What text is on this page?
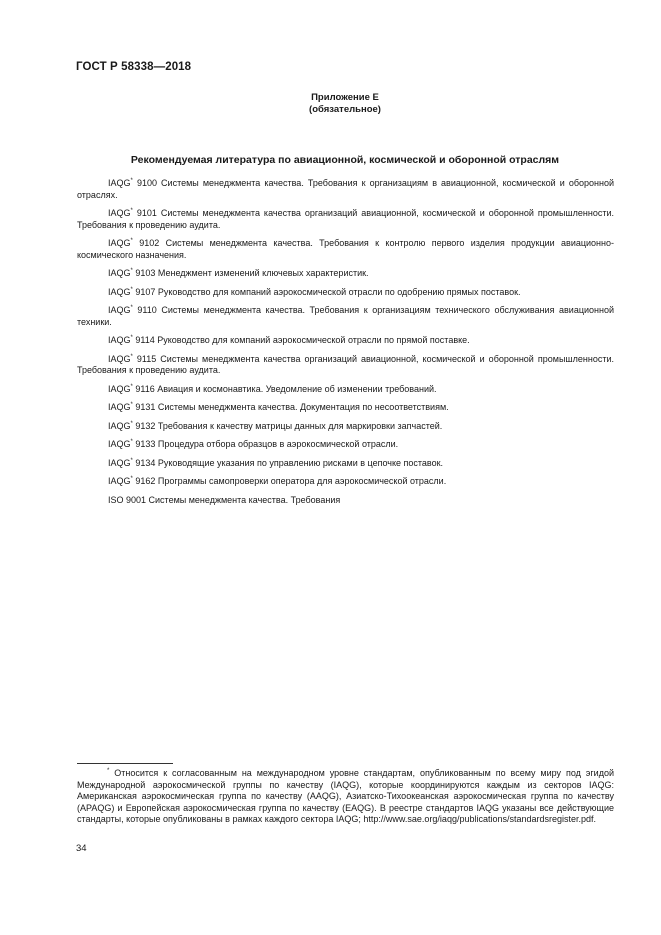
ГОСТ Р 58338—2018
Приложение Е
(обязательное)
Рекомендуемая литература по авиационной, космической и оборонной отраслям

IAQG* 9100 Системы менеджмента качества. Требования к организациям в авиационной, космической и оборонной отраслях.

IAQG* 9101 Системы менеджмента качества организаций авиационной, космической и оборонной промышленности. Требования к проведению аудита.

IAQG* 9102 Системы менеджмента качества. Требования к контролю первого изделия продукции авиационно-космического назначения.

IAQG* 9103 Менеджмент изменений ключевых характеристик.

IAQG* 9107 Руководство для компаний аэрокосмической отрасли по одобрению прямых поставок.

IAQG* 9110 Системы менеджмента качества. Требования к организациям технического обслуживания авиационной техники.

IAQG* 9114 Руководство для компаний аэрокосмической отрасли по прямой поставке.

IAQG* 9115 Системы менеджмента качества организаций авиационной, космической и оборонной промышленности. Требования к проведению аудита.

IAQG* 9116 Авиация и космонавтика. Уведомление об изменении требований.

IAQG* 9131 Системы менеджмента качества. Документация по несоответствиям.

IAQG* 9132 Требования к качеству матрицы данных для маркировки запчастей.

IAQG* 9133 Процедура отбора образцов в аэрокосмической отрасли.

IAQG* 9134 Руководящие указания по управлению рисками в цепочке поставок.

IAQG* 9162 Программы самопроверки оператора для аэрокосмической отрасли.

ISO 9001 Системы менеджмента качества. Требования

* Относится к согласованным на международном уровне стандартам, опубликованным по всему миру под эгидой Международной аэрокосмической группы по качеству (IAQG), которые координируются каждым из секторов IAQG: Американская аэрокосмическая группа по качеству (AAQG), Азиатско-Тихоокеанская аэрокосмическая группа по качеству (APAQG) и Европейская аэрокосмическая группа по качеству (EAQG). В реестре стандартов IAQG указаны все действующие стандарты, которые опубликованы в рамках каждого сектора IAQG; http://www.sae.org/iaqg/publications/standardsregister.pdf.
34
